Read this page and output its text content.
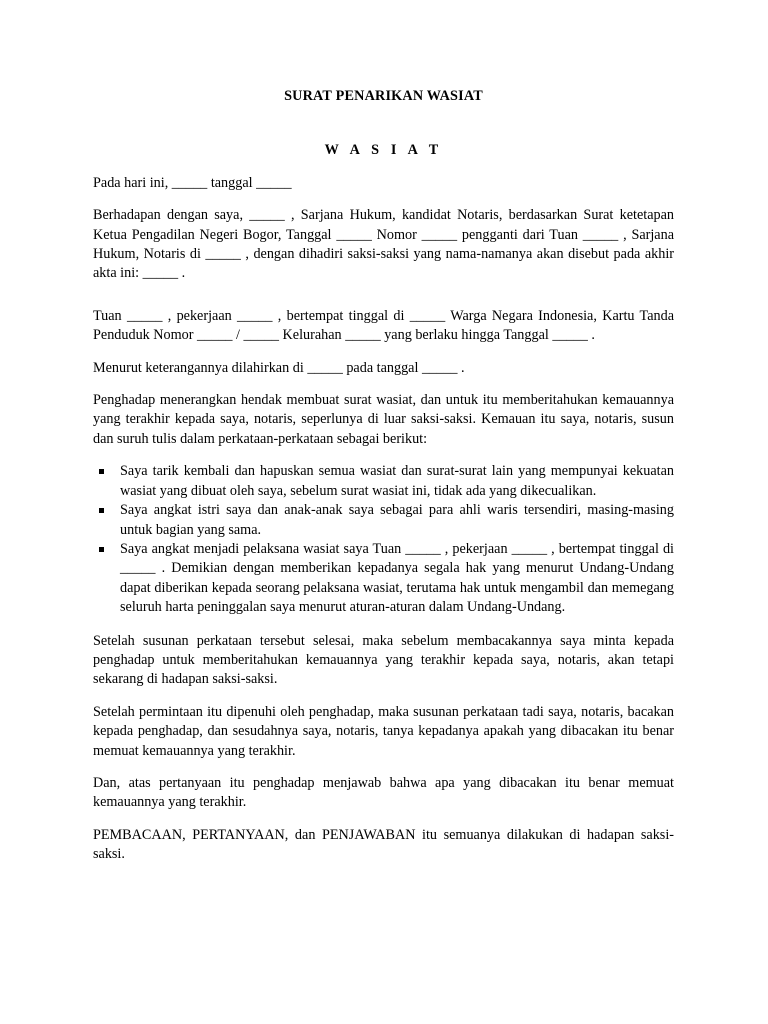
SURAT PENARIKAN WASIAT
W A S I A T

Pada hari ini, _____ tanggal _____

Berhadapan dengan saya, _____ , Sarjana Hukum, kandidat Notaris, berdasarkan Surat ketetapan Ketua Pengadilan Negeri Bogor, Tanggal _____ Nomor _____ pengganti dari Tuan _____ , Sarjana Hukum, Notaris di _____ , dengan dihadiri saksi-saksi yang nama-namanya akan disebut pada akhir akta ini: _____ .

Tuan _____ , pekerjaan _____ , bertempat tinggal di _____ Warga Negara Indonesia, Kartu Tanda Penduduk Nomor _____ / _____ Kelurahan _____ yang berlaku hingga Tanggal _____ .

Menurut keterangannya dilahirkan di _____ pada tanggal _____ .

Penghadap menerangkan hendak membuat surat wasiat, dan untuk itu memberitahukan kemauannya yang terakhir kepada saya, notaris, seperlunya di luar saksi-saksi. Kemauan itu saya, notaris, susun dan suruh tulis dalam perkataan-perkataan sebagai berikut:

Saya tarik kembali dan hapuskan semua wasiat dan surat-surat lain yang mempunyai kekuatan wasiat yang dibuat oleh saya, sebelum surat wasiat ini, tidak ada yang dikecualikan.
Saya angkat istri saya dan anak-anak saya sebagai para ahli waris tersendiri, masing-masing untuk bagian yang sama.
Saya angkat menjadi pelaksana wasiat saya Tuan _____ , pekerjaan _____ , bertempat tinggal di _____ . Demikian dengan memberikan kepadanya segala hak yang menurut Undang-Undang dapat diberikan kepada seorang pelaksana wasiat, terutama hak untuk mengambil dan memegang seluruh harta peninggalan saya menurut aturan-aturan dalam Undang-Undang.

Setelah susunan perkataan tersebut selesai, maka sebelum membacakannya saya minta kepada penghadap untuk memberitahukan kemauannya yang terakhir kepada saya, notaris, akan tetapi sekarang di hadapan saksi-saksi.

Setelah permintaan itu dipenuhi oleh penghadap, maka susunan perkataan tadi saya, notaris, bacakan kepada penghadap, dan sesudahnya saya, notaris, tanya kepadanya apakah yang dibacakan itu benar memuat kemauannya yang terakhir.

Dan, atas pertanyaan itu penghadap menjawab bahwa apa yang dibacakan itu benar memuat kemauannya yang terakhir.

PEMBACAAN, PERTANYAAN, dan PENJAWABAN itu semuanya dilakukan di hadapan saksi-saksi.
